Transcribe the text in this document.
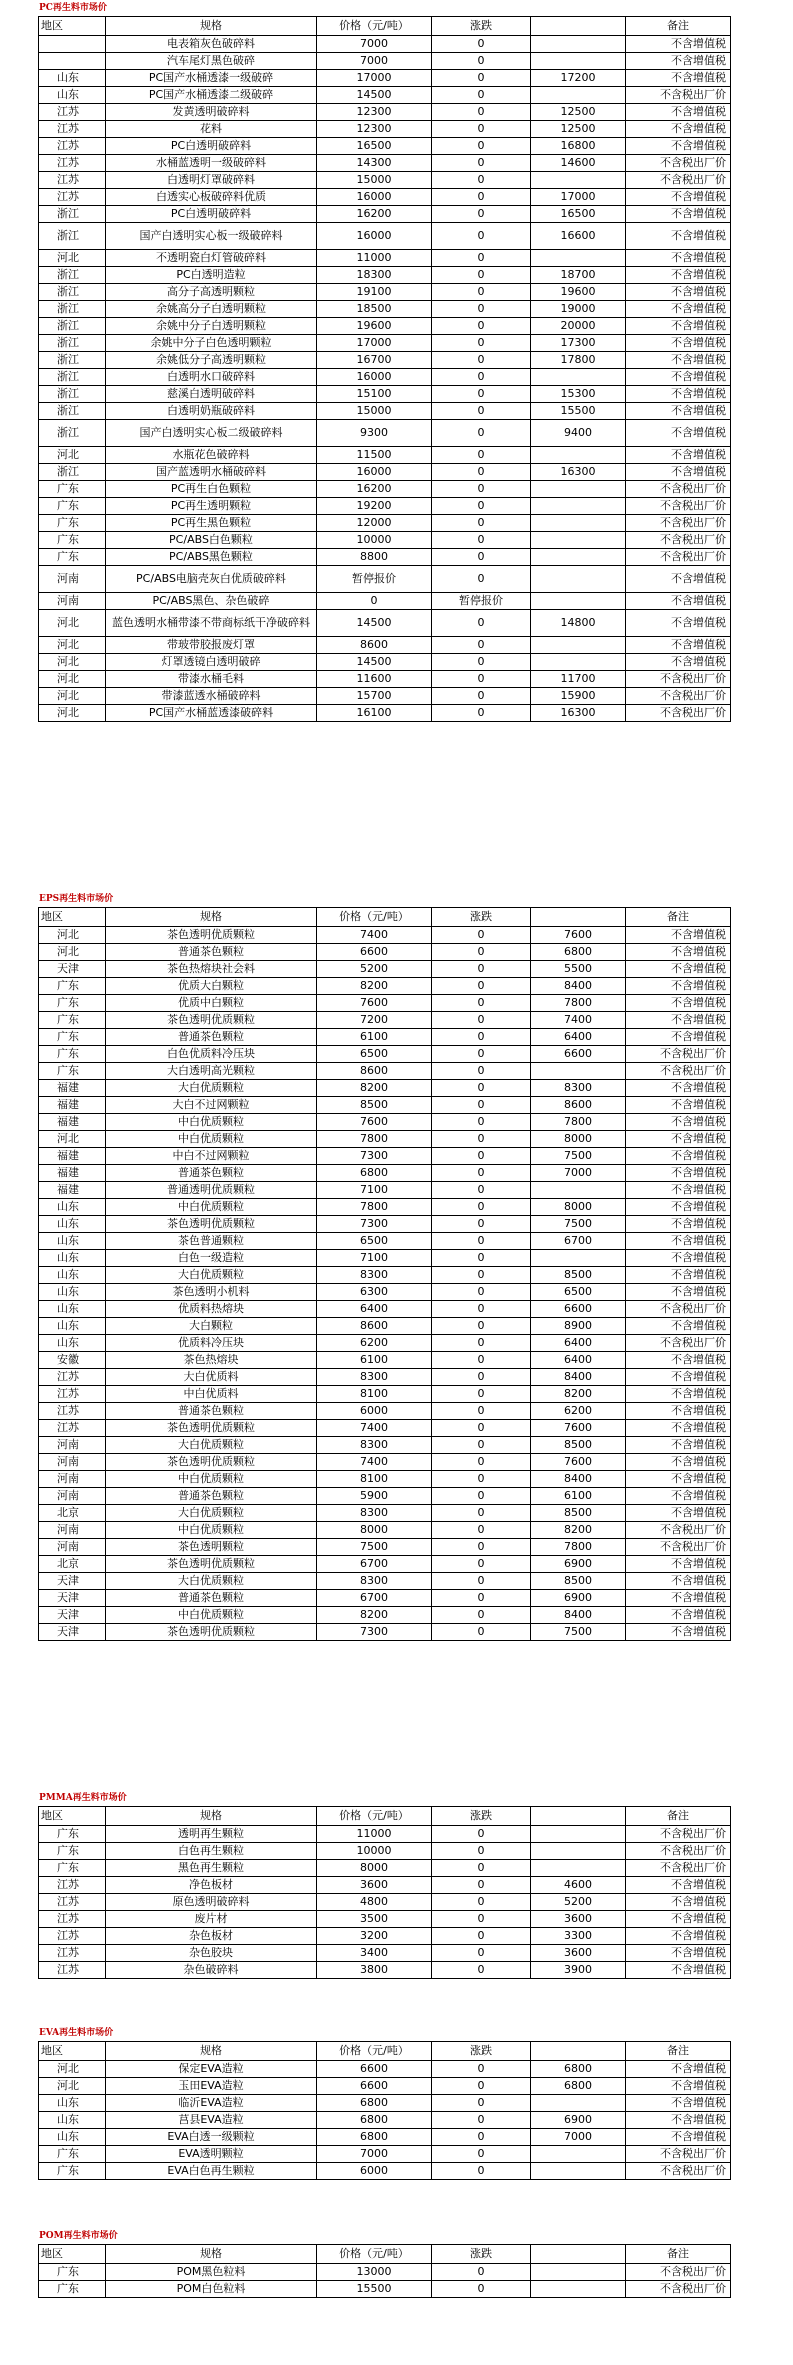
PC再生料市场价
地区	规格	价格（元/吨）	涨跌		备注
	电表箱灰色破碎料	7000	0		不含增值税
	汽车尾灯黑色破碎	7000	0		不含增值税
山东	PC国产水桶透漆一级破碎	17000	0	17200	不含增值税
山东	PC国产水桶透漆二级破碎	14500	0		不含税出厂价
江苏	发黄透明破碎料	12300	0	12500	不含增值税
江苏	花料	12300	0	12500	不含增值税
江苏	PC白透明破碎料	16500	0	16800	不含增值税
江苏	水桶蓝透明一级破碎料	14300	0	14600	不含税出厂价
江苏	白透明灯罩破碎料	15000	0		不含税出厂价
江苏	白透实心板破碎料优质	16000	0	17000	不含增值税
浙江	PC白透明破碎料	16200	0	16500	不含增值税
浙江	国产白透明实心板一级破碎料	16000	0	16600	不含增值税
河北	不透明瓷白灯管破碎料	11000	0		不含增值税
浙江	PC白透明造粒	18300	0	18700	不含增值税
浙江	高分子高透明颗粒	19100	0	19600	不含增值税
浙江	余姚高分子白透明颗粒	18500	0	19000	不含增值税
浙江	余姚中分子白透明颗粒	19600	0	20000	不含增值税
浙江	余姚中分子白色透明颗粒	17000	0	17300	不含增值税
浙江	余姚低分子高透明颗粒	16700	0	17800	不含增值税
浙江	白透明水口破碎料	16000	0		不含增值税
浙江	慈溪白透明破碎料	15100	0	15300	不含增值税
浙江	白透明奶瓶破碎料	15000	0	15500	不含增值税
浙江	国产白透明实心板二级破碎料	9300	0	9400	不含增值税
河北	水瓶花色破碎料	11500	0		不含增值税
浙江	国产蓝透明水桶破碎料	16000	0	16300	不含增值税
广东	PC再生白色颗粒	16200	0		不含税出厂价
广东	PC再生透明颗粒	19200	0		不含税出厂价
广东	PC再生黑色颗粒	12000	0		不含税出厂价
广东	PC/ABS白色颗粒	10000	0		不含税出厂价
广东	PC/ABS黑色颗粒	8800	0		不含税出厂价
河南	PC/ABS电脑壳灰白优质破碎料	暂停报价	0		不含增值税
河南	PC/ABS黑色、杂色破碎	0	暂停报价		不含增值税
河北	蓝色透明水桶带漆不带商标纸干净破碎料	14500	0	14800	不含增值税
河北	带玻带胶报废灯罩	8600	0		不含增值税
河北	灯罩透镜白透明破碎	14500	0		不含增值税
河北	带漆水桶毛料	11600	0	11700	不含税出厂价
河北	带漆蓝透水桶破碎料	15700	0	15900	不含税出厂价
河北	PC国产水桶蓝透漆破碎料	16100	0	16300	不含税出厂价
EPS再生料市场价
地区	规格	价格（元/吨）	涨跌		备注
河北	茶色透明优质颗粒	7400	0	7600	不含增值税
河北	普通茶色颗粒	6600	0	6800	不含增值税
天津	茶色热熔块社会料	5200	0	5500	不含增值税
广东	优质大白颗粒	8200	0	8400	不含增值税
广东	优质中白颗粒	7600	0	7800	不含增值税
广东	茶色透明优质颗粒	7200	0	7400	不含增值税
广东	普通茶色颗粒	6100	0	6400	不含增值税
广东	白色优质料冷压块	6500	0	6600	不含税出厂价
广东	大白透明高光颗粒	8600	0		不含税出厂价
福建	大白优质颗粒	8200	0	8300	不含增值税
福建	大白不过网颗粒	8500	0	8600	不含增值税
福建	中白优质颗粒	7600	0	7800	不含增值税
河北	中白优质颗粒	7800	0	8000	不含增值税
福建	中白不过网颗粒	7300	0	7500	不含增值税
福建	普通茶色颗粒	6800	0	7000	不含增值税
福建	普通透明优质颗粒	7100	0		不含增值税
山东	中白优质颗粒	7800	0	8000	不含增值税
山东	茶色透明优质颗粒	7300	0	7500	不含增值税
山东	茶色普通颗粒	6500	0	6700	不含增值税
山东	白色一级造粒	7100	0		不含增值税
山东	大白优质颗粒	8300	0	8500	不含增值税
山东	茶色透明小机料	6300	0	6500	不含增值税
山东	优质料热熔块	6400	0	6600	不含税出厂价
山东	大白颗粒	8600	0	8900	不含增值税
山东	优质料冷压块	6200	0	6400	不含税出厂价
安徽	茶色热熔块	6100	0	6400	不含增值税
江苏	大白优质料	8300	0	8400	不含增值税
江苏	中白优质料	8100	0	8200	不含增值税
江苏	普通茶色颗粒	6000	0	6200	不含增值税
江苏	茶色透明优质颗粒	7400	0	7600	不含增值税
河南	大白优质颗粒	8300	0	8500	不含增值税
河南	茶色透明优质颗粒	7400	0	7600	不含增值税
河南	中白优质颗粒	8100	0	8400	不含增值税
河南	普通茶色颗粒	5900	0	6100	不含增值税
北京	大白优质颗粒	8300	0	8500	不含增值税
河南	中白优质颗粒	8000	0	8200	不含税出厂价
河南	茶色透明颗粒	7500	0	7800	不含税出厂价
北京	茶色透明优质颗粒	6700	0	6900	不含增值税
天津	大白优质颗粒	8300	0	8500	不含增值税
天津	普通茶色颗粒	6700	0	6900	不含增值税
天津	中白优质颗粒	8200	0	8400	不含增值税
天津	茶色透明优质颗粒	7300	0	7500	不含增值税
PMMA再生料市场价
地区	规格	价格（元/吨）	涨跌		备注
广东	透明再生颗粒	11000	0		不含税出厂价
广东	白色再生颗粒	10000	0		不含税出厂价
广东	黑色再生颗粒	8000	0		不含税出厂价
江苏	净色板材	3600	0	4600	不含增值税
江苏	原色透明破碎料	4800	0	5200	不含增值税
江苏	废片材	3500	0	3600	不含增值税
江苏	杂色板材	3200	0	3300	不含增值税
江苏	杂色胶块	3400	0	3600	不含增值税
江苏	杂色破碎料	3800	0	3900	不含增值税
EVA再生料市场价
地区	规格	价格（元/吨）	涨跌		备注
河北	保定EVA造粒	6600	0	6800	不含增值税
河北	玉田EVA造粒	6600	0	6800	不含增值税
山东	临沂EVA造粒	6800	0		不含增值税
山东	莒县EVA造粒	6800	0	6900	不含增值税
山东	EVA白透一级颗粒	6800	0	7000	不含增值税
广东	EVA透明颗粒	7000	0		不含税出厂价
广东	EVA白色再生颗粒	6000	0		不含税出厂价
POM再生料市场价
地区	规格	价格（元/吨）	涨跌		备注
广东	POM黑色粒料	13000	0		不含税出厂价
广东	POM白色粒料	15500	0		不含税出厂价
